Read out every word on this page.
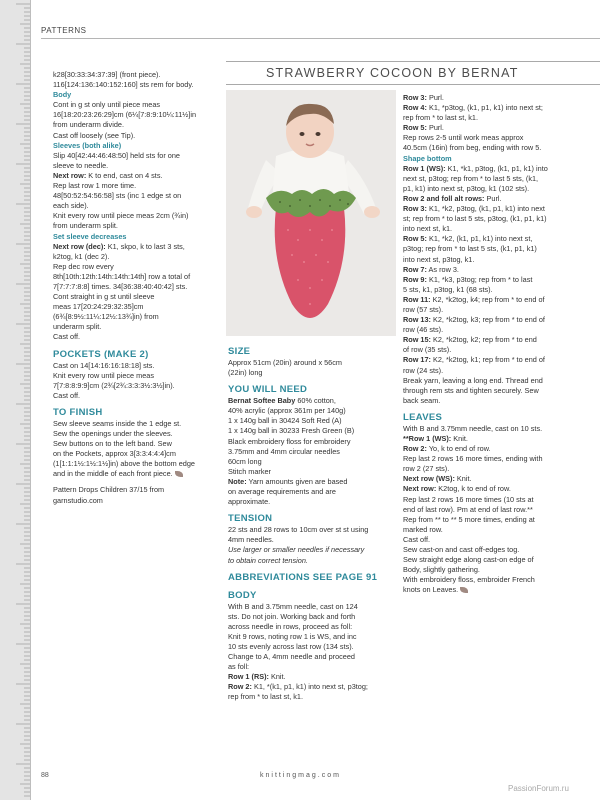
PATTERNS

k28[30:33:34:37:39] (front piece).

116[124:136:140:152:160] sts rem for body.

Body

Cont in g st only until piece meas

16[18:20:23:26:29]cm (6¼[7:8:9:10¼:11½]in

from underarm divide.

Cast off loosely (see Tip).

Sleeves (both alike)

Slip 40[42:44:46:48:50] held sts for one

sleeve to needle.

Next row: K to end, cast on 4 sts.

Rep last row 1 more time.

48[50:52:54:56:58] sts (inc 1 edge st on

each side).

Knit every row until piece meas 2cm (¾in)

from underarm split.

Set sleeve decreases

Next row (dec): K1, skpo, k to last 3 sts,

k2tog, k1 (dec 2).

Rep dec row every

8th[10th:12th:14th:14th:14th] row a total of

7[7:7:7:8:8] times. 34[36:38:40:40:42] sts.

Cont straight in g st until sleeve

meas 17[20:24:29:32:35]cm

(6¾[8:9½:11¼:12½:13¾]in) from

underarm split.

Cast off.

POCKETS (MAKE 2)

Cast on 14[14:16:16:18:18] sts.

Knit every row until piece meas

7[7:8:8:9:9]cm (2¾[2¾:3:3:3½:3½]in).

Cast off.

TO FINISH

Sew sleeve seams inside the 1 edge st.

Sew the openings under the sleeves.

Sew buttons on to the left band. Sew

on the Pockets, approx 3[3:3:4:4:4]cm

(1[1:1:1½:1½:1½]in) above the bottom edge

and in the middle of each front piece.

Pattern Drops Children 37/15 from

garnstudio.com

STRAWBERRY COCOON BY BERNAT

SIZE

Approx 51cm (20in) around x 56cm

(22in) long

YOU WILL NEED

Bernat Softee Baby 60% cotton,

40% acrylic (approx 361m per 140g)

1 x 140g ball in 30424 Soft Red (A)

1 x 140g ball in 30233 Fresh Green (B)

Black embroidery floss for embroidery

3.75mm and 4mm circular needles

60cm long

Stitch marker

Note: Yarn amounts given are based

on average requirements and are

approximate.

TENSION

22 sts and 28 rows to 10cm over st st using

4mm needles.

Use larger or smaller needles if necessary

to obtain correct tension.

ABBREVIATIONS SEE PAGE 91

BODY

With B and 3.75mm needle, cast on 124

sts. Do not join. Working back and forth

across needle in rows, proceed as foll:

Knit 9 rows, noting row 1 is WS, and inc

10 sts evenly across last row (134 sts).

Change to A, 4mm needle and proceed

as foll:

Row 1 (RS): Knit.

Row 2: K1, *(k1, p1, k1) into next st, p3tog;

rep from * to last st, k1.

Row 3: Purl.

Row 4: K1, *p3tog, (k1, p1, k1) into next st;

rep from * to last st, k1.

Row 5: Purl.

Rep rows 2-5 until work meas approx

40.5cm (16in) from beg, ending with row 5.

Shape bottom

Row 1 (WS): K1, *k1, p3tog, (k1, p1, k1) into

next st, p3tog; rep from * to last 5 sts, (k1,

p1, k1) into next st, p3tog, k1 (102 sts).

Row 2 and foll alt rows: Purl.

Row 3: K1, *k2, p3tog, (k1, p1, k1) into next

st; rep from * to last 5 sts, p3tog, (k1, p1, k1)

into next st, k1.

Row 5: K1, *k2, (k1, p1, k1) into next st,

p3tog; rep from * to last 5 sts, (k1, p1, k1)

into next st, p3tog, k1.

Row 7: As row 3.

Row 9: K1, *k3, p3tog; rep from * to last

5 sts, k1, p3tog, k1 (68 sts).

Row 11: K2, *k2tog, k4; rep from * to end of

row (57 sts).

Row 13: K2, *k2tog, k3; rep from * to end of

row (46 sts).

Row 15: K2, *k2tog, k2; rep from * to end

of row (35 sts).

Row 17: K2, *k2tog, k1; rep from * to end of

row (24 sts).

Break yarn, leaving a long end. Thread end

through rem sts and tighten securely. Sew

back seam.

LEAVES

With B and 3.75mm needle, cast on 10 sts.

**Row 1 (WS): Knit.

Row 2: Yo, k to end of row.

Rep last 2 rows 16 more times, ending with

row 2 (27 sts).

Next row (WS): Knit.

Next row: K2tog, k to end of row.

Rep last 2 rows 16 more times (10 sts at

end of last row). Pm at end of last row.**

Rep from ** to ** 5 more times, ending at

marked row.

Cast off.

Sew cast-on and cast off-edges tog.

Sew straight edge along cast-on edge of

Body, slightly gathering.

With embroidery floss, embroider French

knots on Leaves.

88	knittingmag.com
PassionForum.ru
